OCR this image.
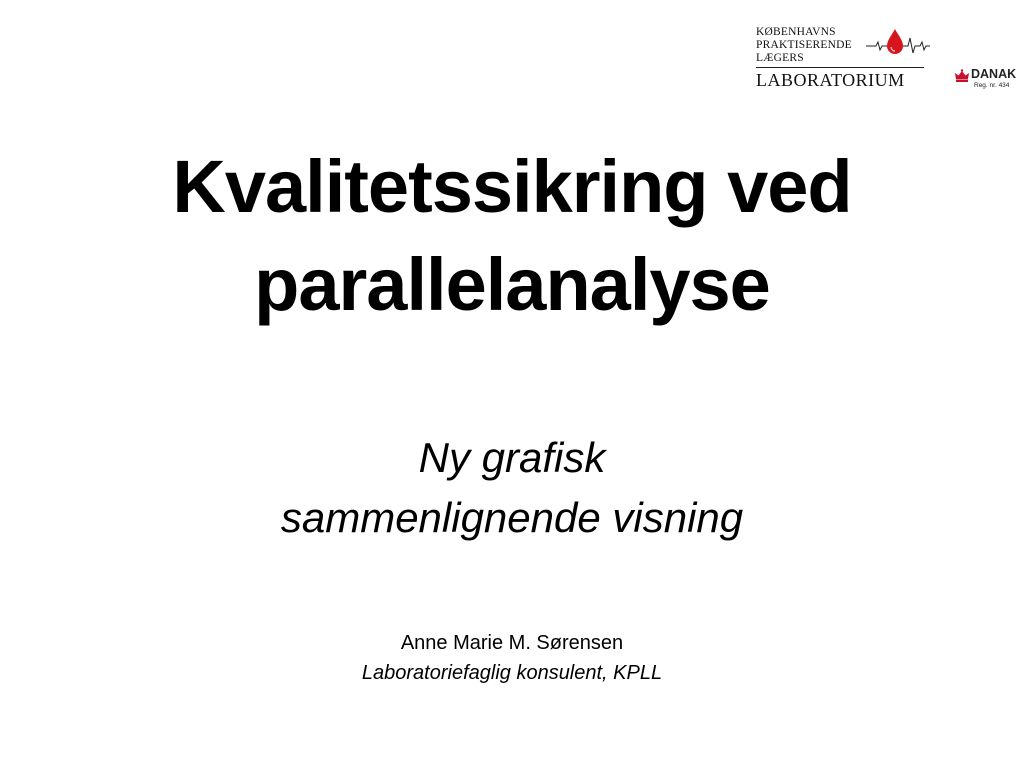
KØBENHAVNS
PRAKTISERENDE
LÆGERS
LABORATORIUM	DANAK
Reg. nr. 434
Kvalitetssikring ved
parallelanalyse
Ny grafisk
sammenlignende visning
Anne Marie M. Sørensen
Laboratoriefaglig konsulent, KPLL
